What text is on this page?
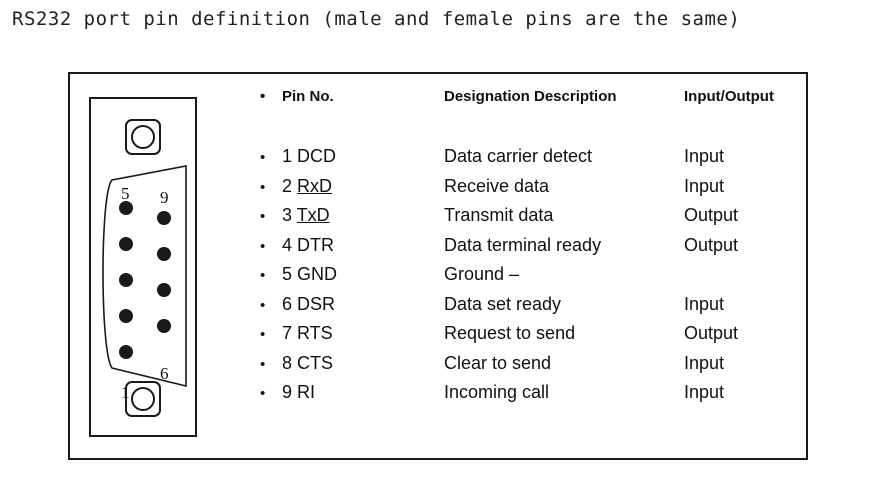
RS232 port pin definition (male and female pins are the same)
5 9
1
6
•	Pin No.	Designation Description	Input/Output
• 1 DCD	Data carrier detect	Input
• 2 RxD	Receive data	Input
• 3 TxD	Transmit data	Output
• 4 DTR	Data terminal ready	Output
• 5 GND	Ground –
• 6 DSR	Data set ready	Input
• 7 RTS	Request to send	Output
• 8 CTS	Clear to send	Input
• 9 RI	Incoming call	Input
